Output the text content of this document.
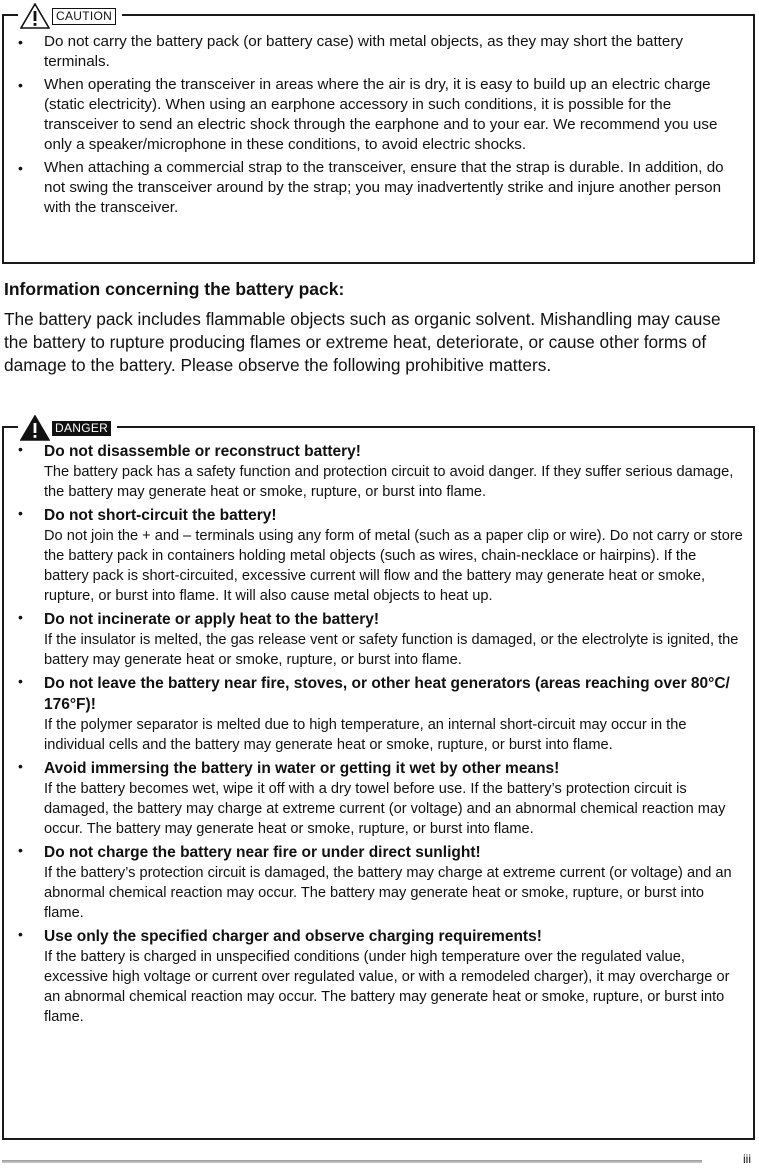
CAUTION
• Do not carry the battery pack (or battery case) with metal objects, as they may short the battery terminals.
• When operating the transceiver in areas where the air is dry, it is easy to build up an electric charge (static electricity). When using an earphone accessory in such conditions, it is possible for the transceiver to send an electric shock through the earphone and to your ear. We recommend you use only a speaker/microphone in these conditions, to avoid electric shocks.
• When attaching a commercial strap to the transceiver, ensure that the strap is durable. In addition, do not swing the transceiver around by the strap; you may inadvertently strike and injure another person with the transceiver.
Information concerning the battery pack:

The battery pack includes flammable objects such as organic solvent. Mishandling may cause the battery to rupture producing flames or extreme heat, deteriorate, or cause other forms of damage to the battery. Please observe the following prohibitive matters.

DANGER
• Do not disassemble or reconstruct battery!
The battery pack has a safety function and protection circuit to avoid danger. If they suffer serious damage, the battery may generate heat or smoke, rupture, or burst into flame.
• Do not short-circuit the battery!
Do not join the + and – terminals using any form of metal (such as a paper clip or wire). Do not carry or store the battery pack in containers holding metal objects (such as wires, chain-necklace or hairpins). If the battery pack is short-circuited, excessive current will flow and the battery may generate heat or smoke, rupture, or burst into flame. It will also cause metal objects to heat up.
• Do not incinerate or apply heat to the battery!
If the insulator is melted, the gas release vent or safety function is damaged, or the electrolyte is ignited, the battery may generate heat or smoke, rupture, or burst into flame.
• Do not leave the battery near fire, stoves, or other heat generators (areas reaching over 80°C/ 176°F)!
If the polymer separator is melted due to high temperature, an internal short-circuit may occur in the individual cells and the battery may generate heat or smoke, rupture, or burst into flame.
• Avoid immersing the battery in water or getting it wet by other means!
If the battery becomes wet, wipe it off with a dry towel before use. If the battery’s protection circuit is damaged, the battery may charge at extreme current (or voltage) and an abnormal chemical reaction may occur. The battery may generate heat or smoke, rupture, or burst into flame.
• Do not charge the battery near fire or under direct sunlight!
If the battery’s protection circuit is damaged, the battery may charge at extreme current (or voltage) and an abnormal chemical reaction may occur. The battery may generate heat or smoke, rupture, or burst into flame.
• Use only the specified charger and observe charging requirements!
If the battery is charged in unspecified conditions (under high temperature over the regulated value, excessive high voltage or current over regulated value, or with a remodeled charger), it may overcharge or an abnormal chemical reaction may occur. The battery may generate heat or smoke, rupture, or burst into flame.
iii
